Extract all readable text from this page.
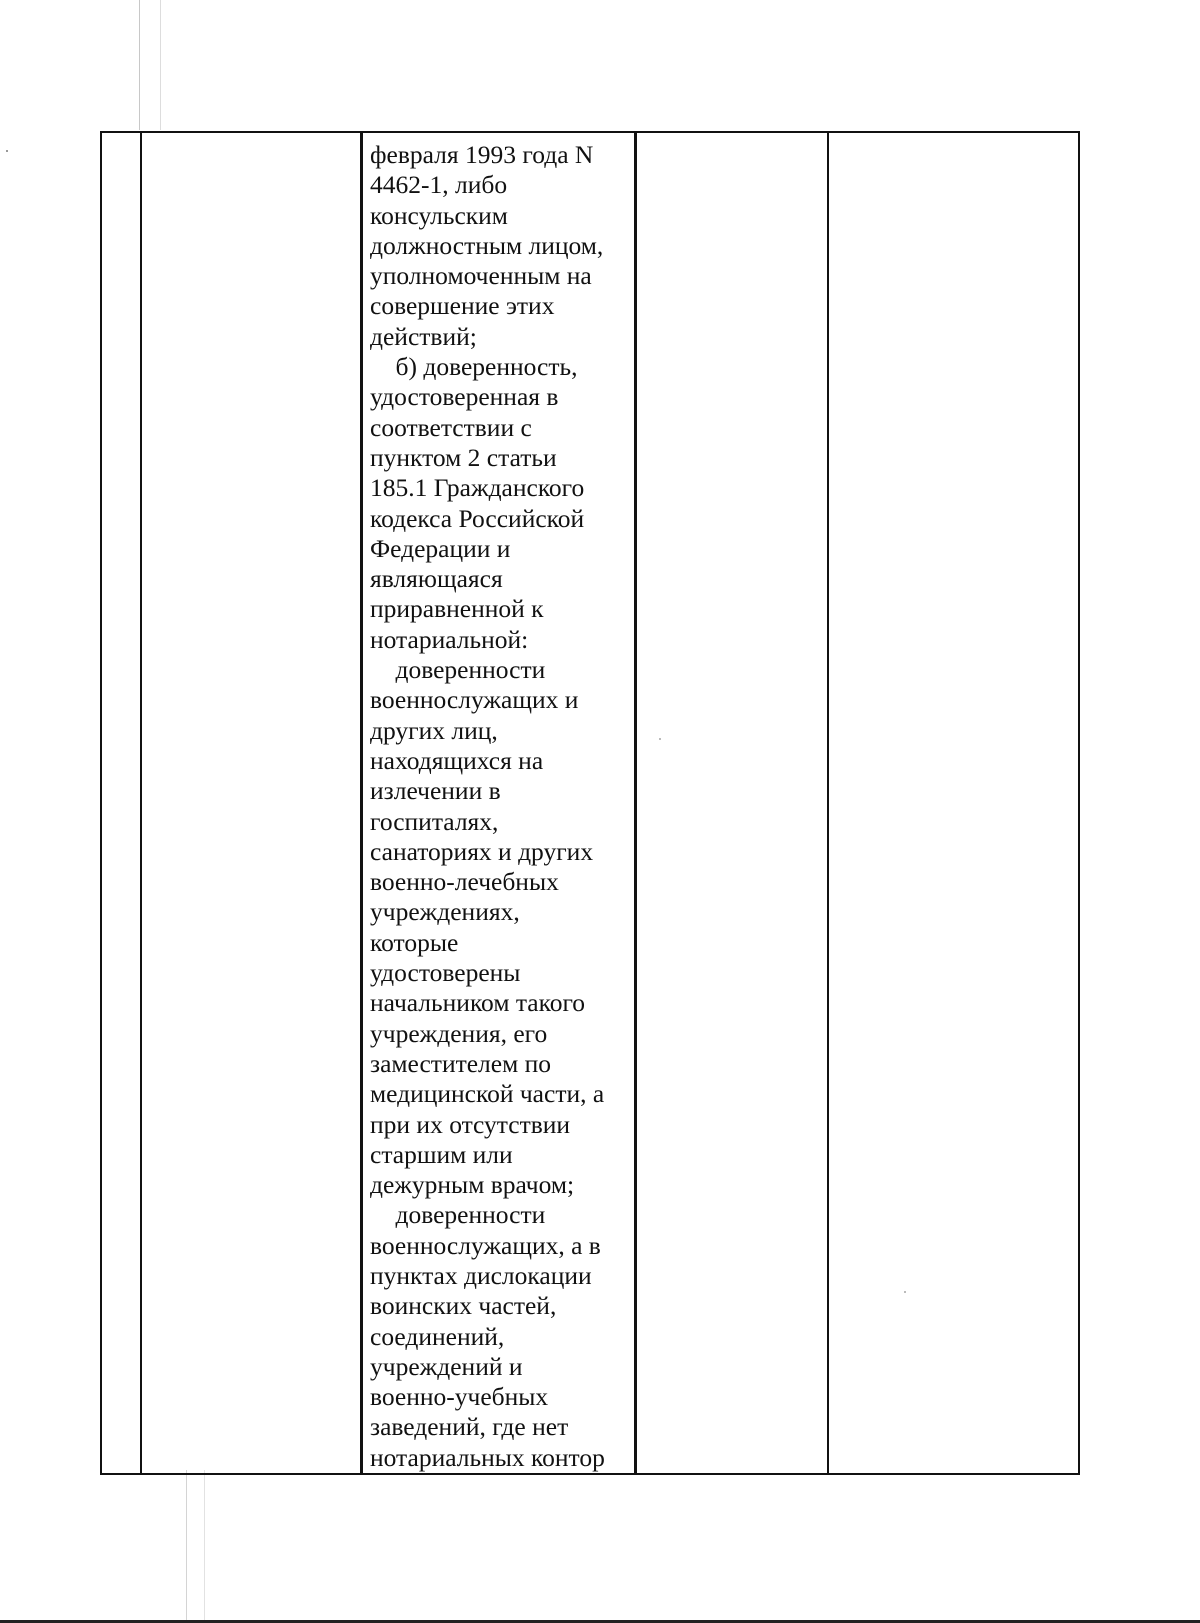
февраля 1993 года N
4462-1, либо
консульским
должностным лицом,
уполномоченным на
совершение этих
действий;
б) доверенность,
удостоверенная в
соответствии с
пунктом 2 статьи
185.1 Гражданского
кодекса Российской
Федерации и
являющаяся
приравненной к
нотариальной:
доверенности
военнослужащих и
других лиц,
находящихся на
излечении в
госпиталях,
санаториях и других
военно-лечебных
учреждениях,
которые
удостоверены
начальником такого
учреждения, его
заместителем по
медицинской части, а
при их отсутствии
старшим или
дежурным врачом;
доверенности
военнослужащих, а в
пунктах дислокации
воинских частей,
соединений,
учреждений и
военно-учебных
заведений, где нет
нотариальных контор
